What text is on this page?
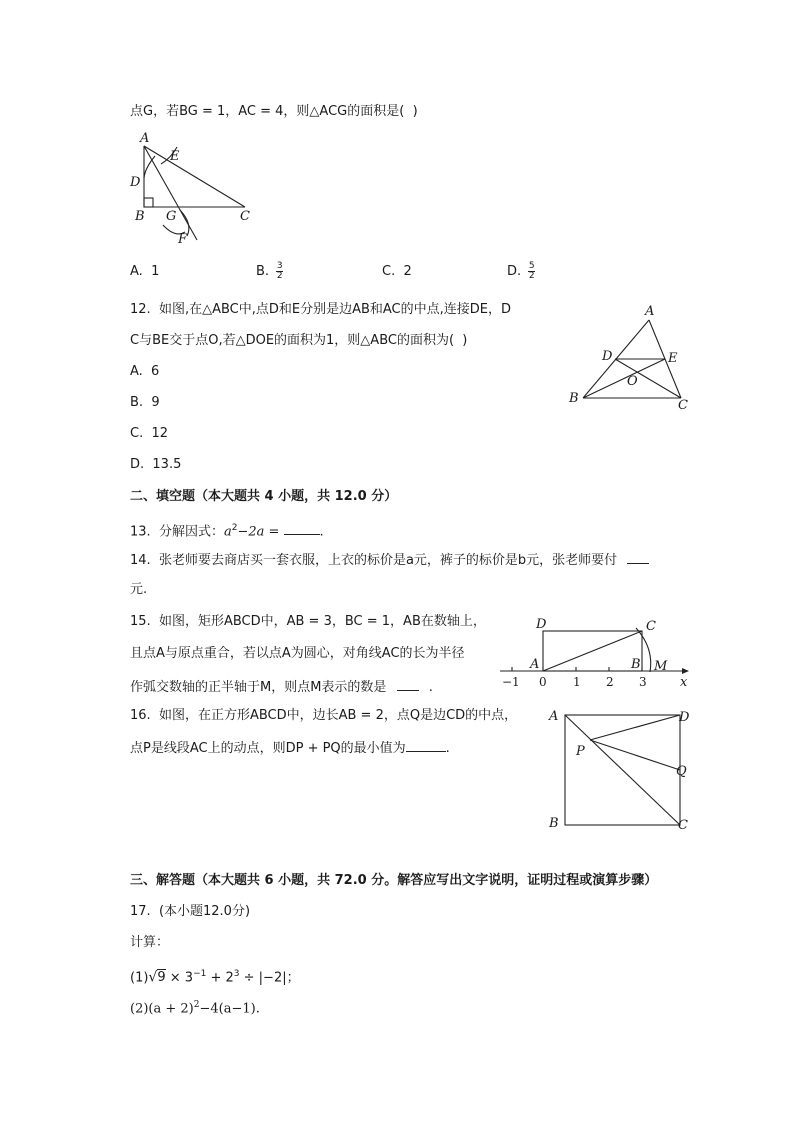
点G，若BG = 1，AC = 4，则△ACG的面积是(  )
A
E
D
B G	C
F
A. 1	B. $\frac{3}{2}$	C. 2	D. $\frac{5}{2}$
12.  如图,在△ABC中,点D和E分别是边AB和AC的中点,连接DE，D
C与BE交于点O,若△DOE的面积为1，则△ABC的面积为(  )
A.  6
B.  9
C.  12
D.  13.5
A
D	E
O
B	C
二、填空题（本大题共 4 小题，共 12.0 分）
13.  分解因式：$a^2-2a$ =	.
14.  张老师要去商店买一套衣服，上衣的标价是a元，裤子的标价是b元，张老师要付
元.
15.  如图，矩形ABCD中，AB = 3，BC = 1，AB在数轴上，
且点A与原点重合，若以点A为圆心，对角线AC的长为半径
作弧交数轴的正半轴于M，则点M表示的数是	.
D	C
A	B M
x
−1 0 1 2 3
16.  如图，在正方形ABCD中，边长AB = 2，点Q是边CD的中点，
点P是线段AC上的动点，则DP + PQ的最小值为	.
A	D
P
Q
B	C
三、解答题（本大题共 6 小题，共 72.0 分。解答应写出文字说明，证明过程或演算步骤）
17.  (本小题12.0分)
计算：
$(1)√9 \times 3^{-1} + 2^3 \div |-2|$；
$(2)(a + 2)^2-4(a-1)$.
